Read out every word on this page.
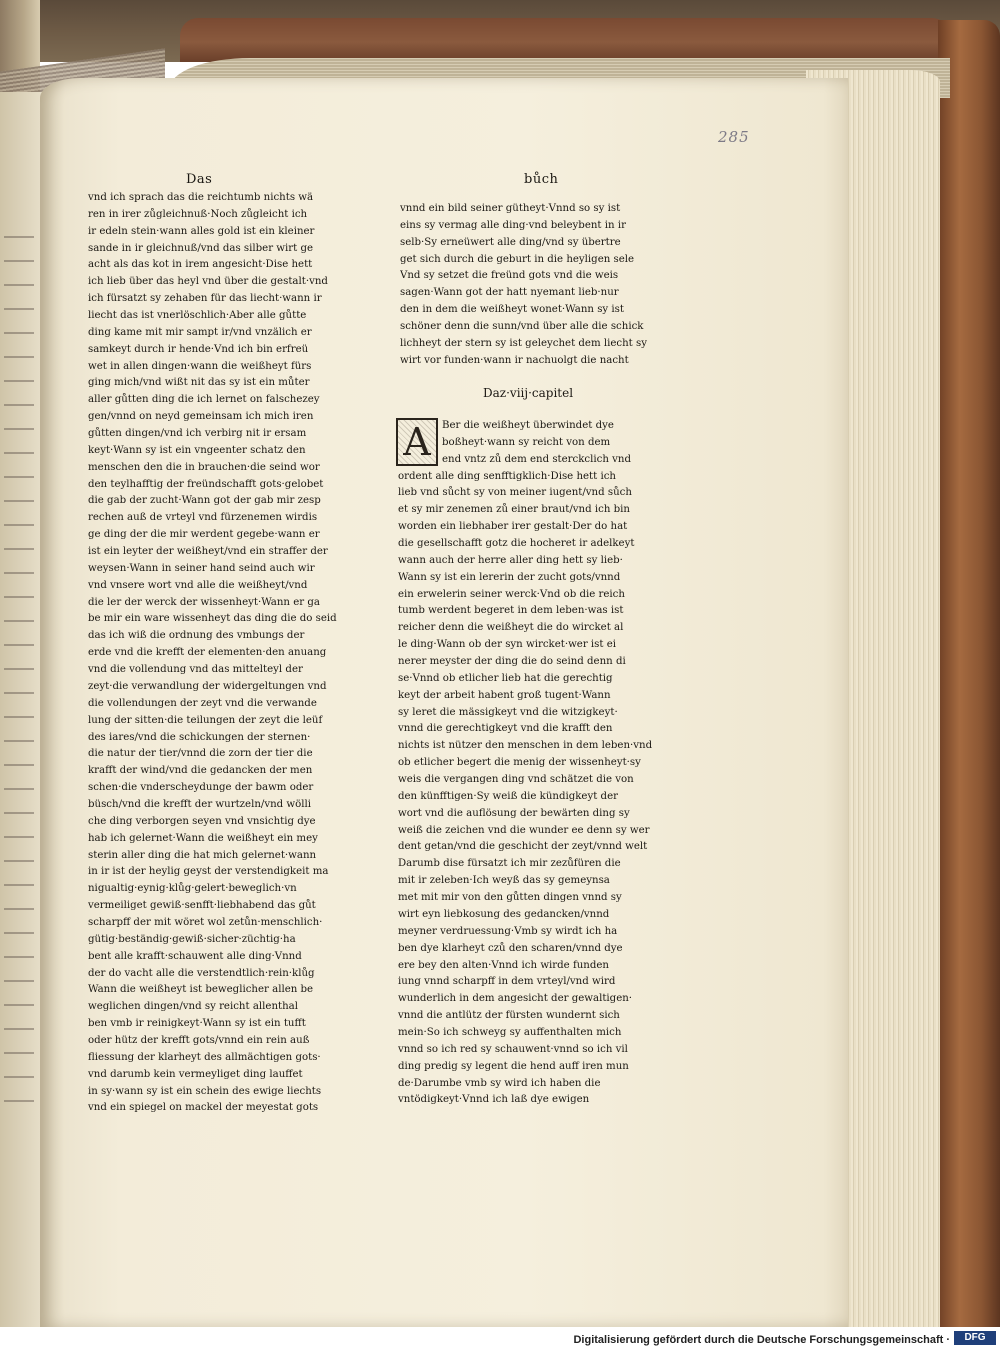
285
Das	bůch
vnd ich sprach das die reichtumb nichts wä
ren in irer zůgleichnuß·Noch zůgleicht ich
ir edeln stein·wann alles gold ist ein kleiner
sande in ir gleichnuß/vnd das silber wirt ge
acht als das kot in irem angesicht·Dise hett
ich lieb über das heyl vnd über die gestalt·vnd
ich fürsatzt sy zehaben für das liecht·wann ir
liecht das ist vnerlöschlich·Aber alle gůtte
ding kame mit mir sampt ir/vnd vnzälich er
samkeyt durch ir hende·Vnd ich bin erfreü
wet in allen dingen·wann die weißheyt fürs
ging mich/vnd wißt nit das sy ist ein můter
aller gůtten ding die ich lernet on falschezey
gen/vnnd on neyd gemeinsam ich mich iren
gůtten dingen/vnd ich verbirg nit ir ersam
keyt·Wann sy ist ein vngeenter schatz den
menschen den die in brauchen·die seind wor
den teylhafftig der freündschafft gots·gelobet
die gab der zucht·Wann got der gab mir zesp
rechen auß de vrteyl vnd fürzenemen wirdis
ge ding der die mir werdent gegebe·wann er
ist ein leyter der weißheyt/vnd ein straffer der
weysen·Wann in seiner hand seind auch wir
vnd vnsere wort vnd alle die weißheyt/vnd
die ler der werck der wissenheyt·Wann er ga
be mir ein ware wissenheyt das ding die do seid
das ich wiß die ordnung des vmbungs der
erde vnd die krefft der elementen·den anuang
vnd die vollendung vnd das mittelteyl der
zeyt·die verwandlung der widergeltungen vnd
die vollendungen der zeyt vnd die verwande
lung der sitten·die teilungen der zeyt die leüf
des iares/vnd die schickungen der sternen·
die natur der tier/vnnd die zorn der tier die
krafft der wind/vnd die gedancken der men
schen·die vnderscheydunge der bawm oder
büsch/vnd die krefft der wurtzeln/vnd wölli
che ding verborgen seyen vnd vnsichtig dye
hab ich gelernet·Wann die weißheyt ein mey
sterin aller ding die hat mich gelernet·wann
in ir ist der heylig geyst der verstendigkeit ma
nigualtig·eynig·klůg·gelert·beweglich·vn
vermeiliget gewiß·senfft·liebhabend das gůt
scharpff der mit wöret wol zetůn·menschlich·
gütig·beständig·gewiß·sicher·züchtig·ha
bent alle krafft·schauwent alle ding·Vnnd
der do vacht alle die verstendtlich·rein·klůg
Wann die weißheyt ist beweglicher allen be
weglichen dingen/vnd sy reicht allenthal
ben vmb ir reinigkeyt·Wann sy ist ein tufft
oder hütz der krefft gots/vnnd ein rein auß
fliessung der klarheyt des allmächtigen gots·
vnd darumb kein vermeyliget ding lauffet
in sy·wann sy ist ein schein des ewige liechts
vnd ein spiegel on mackel der meyestat gots
vnnd ein bild seiner gütheyt·Vnnd so sy ist
eins sy vermag alle ding·vnd beleybent in ir
selb·Sy erneüwert alle ding/vnd sy übertre
get sich durch die geburt in die heyligen sele
Vnd sy setzet die freünd gots vnd die weis
sagen·Wann got der hatt nyemant lieb·nur
den in dem die weißheyt wonet·Wann sy ist
schöner denn die sunn/vnd über alle die schick
lichheyt der stern sy ist geleychet dem liecht sy
wirt vor funden·wann ir nachuolgt die nacht
Daz·viij·capitel
A	Ber die weißheyt überwindet dye
boßheyt·wann sy reicht von dem
end vntz zů dem end sterckclich vnd
ordent alle ding senfftigklich·Dise hett ich
lieb vnd sůcht sy von meiner iugent/vnd sůch
et sy mir zenemen zů einer braut/vnd ich bin
worden ein liebhaber irer gestalt·Der do hat
die gesellschafft gotz die hocheret ir adelkeyt
wann auch der herre aller ding hett sy lieb·
Wann sy ist ein lererin der zucht gots/vnnd
ein erwelerin seiner werck·Vnd ob die reich
tumb werdent begeret in dem leben·was ist
reicher denn die weißheyt die do wircket al
le ding·Wann ob der syn wircket·wer ist ei
nerer meyster der ding die do seind denn di
se·Vnnd ob etlicher lieb hat die gerechtig
keyt der arbeit habent groß tugent·Wann
sy leret die mässigkeyt vnd die witzigkeyt·
vnnd die gerechtigkeyt vnd die krafft den
nichts ist nützer den menschen in dem leben·vnd
ob etlicher begert die menig der wissenheyt·sy
weis die vergangen ding vnd schätzet die von
den künfftigen·Sy weiß die kündigkeyt der
wort vnd die auflösung der bewärten ding sy
weiß die zeichen vnd die wunder ee denn sy wer
dent getan/vnd die geschicht der zeyt/vnnd welt
Darumb dise fürsatzt ich mir zezůfüren die
mit ir zeleben·Ich weyß das sy gemeynsa
met mit mir von den gůtten dingen vnnd sy
wirt eyn liebkosung des gedancken/vnnd
meyner verdruessung·Vmb sy wirdt ich ha
ben dye klarheyt czů den scharen/vnnd dye
ere bey den alten·Vnnd ich wirde funden
iung vnnd scharpff in dem vrteyl/vnd wird
wunderlich in dem angesicht der gewaltigen·
vnnd die antlütz der fürsten wundernt sich
mein·So ich schweyg sy auffenthalten mich
vnnd so ich red sy schauwent·vnnd so ich vil
ding predig sy legent die hend auff iren mun
de·Darumbe vmb sy wird ich haben die
vntödigkeyt·Vnnd ich laß dye ewigen
Digitalisierung gefördert durch die Deutsche Forschungsgemeinschaft ·	DFG
